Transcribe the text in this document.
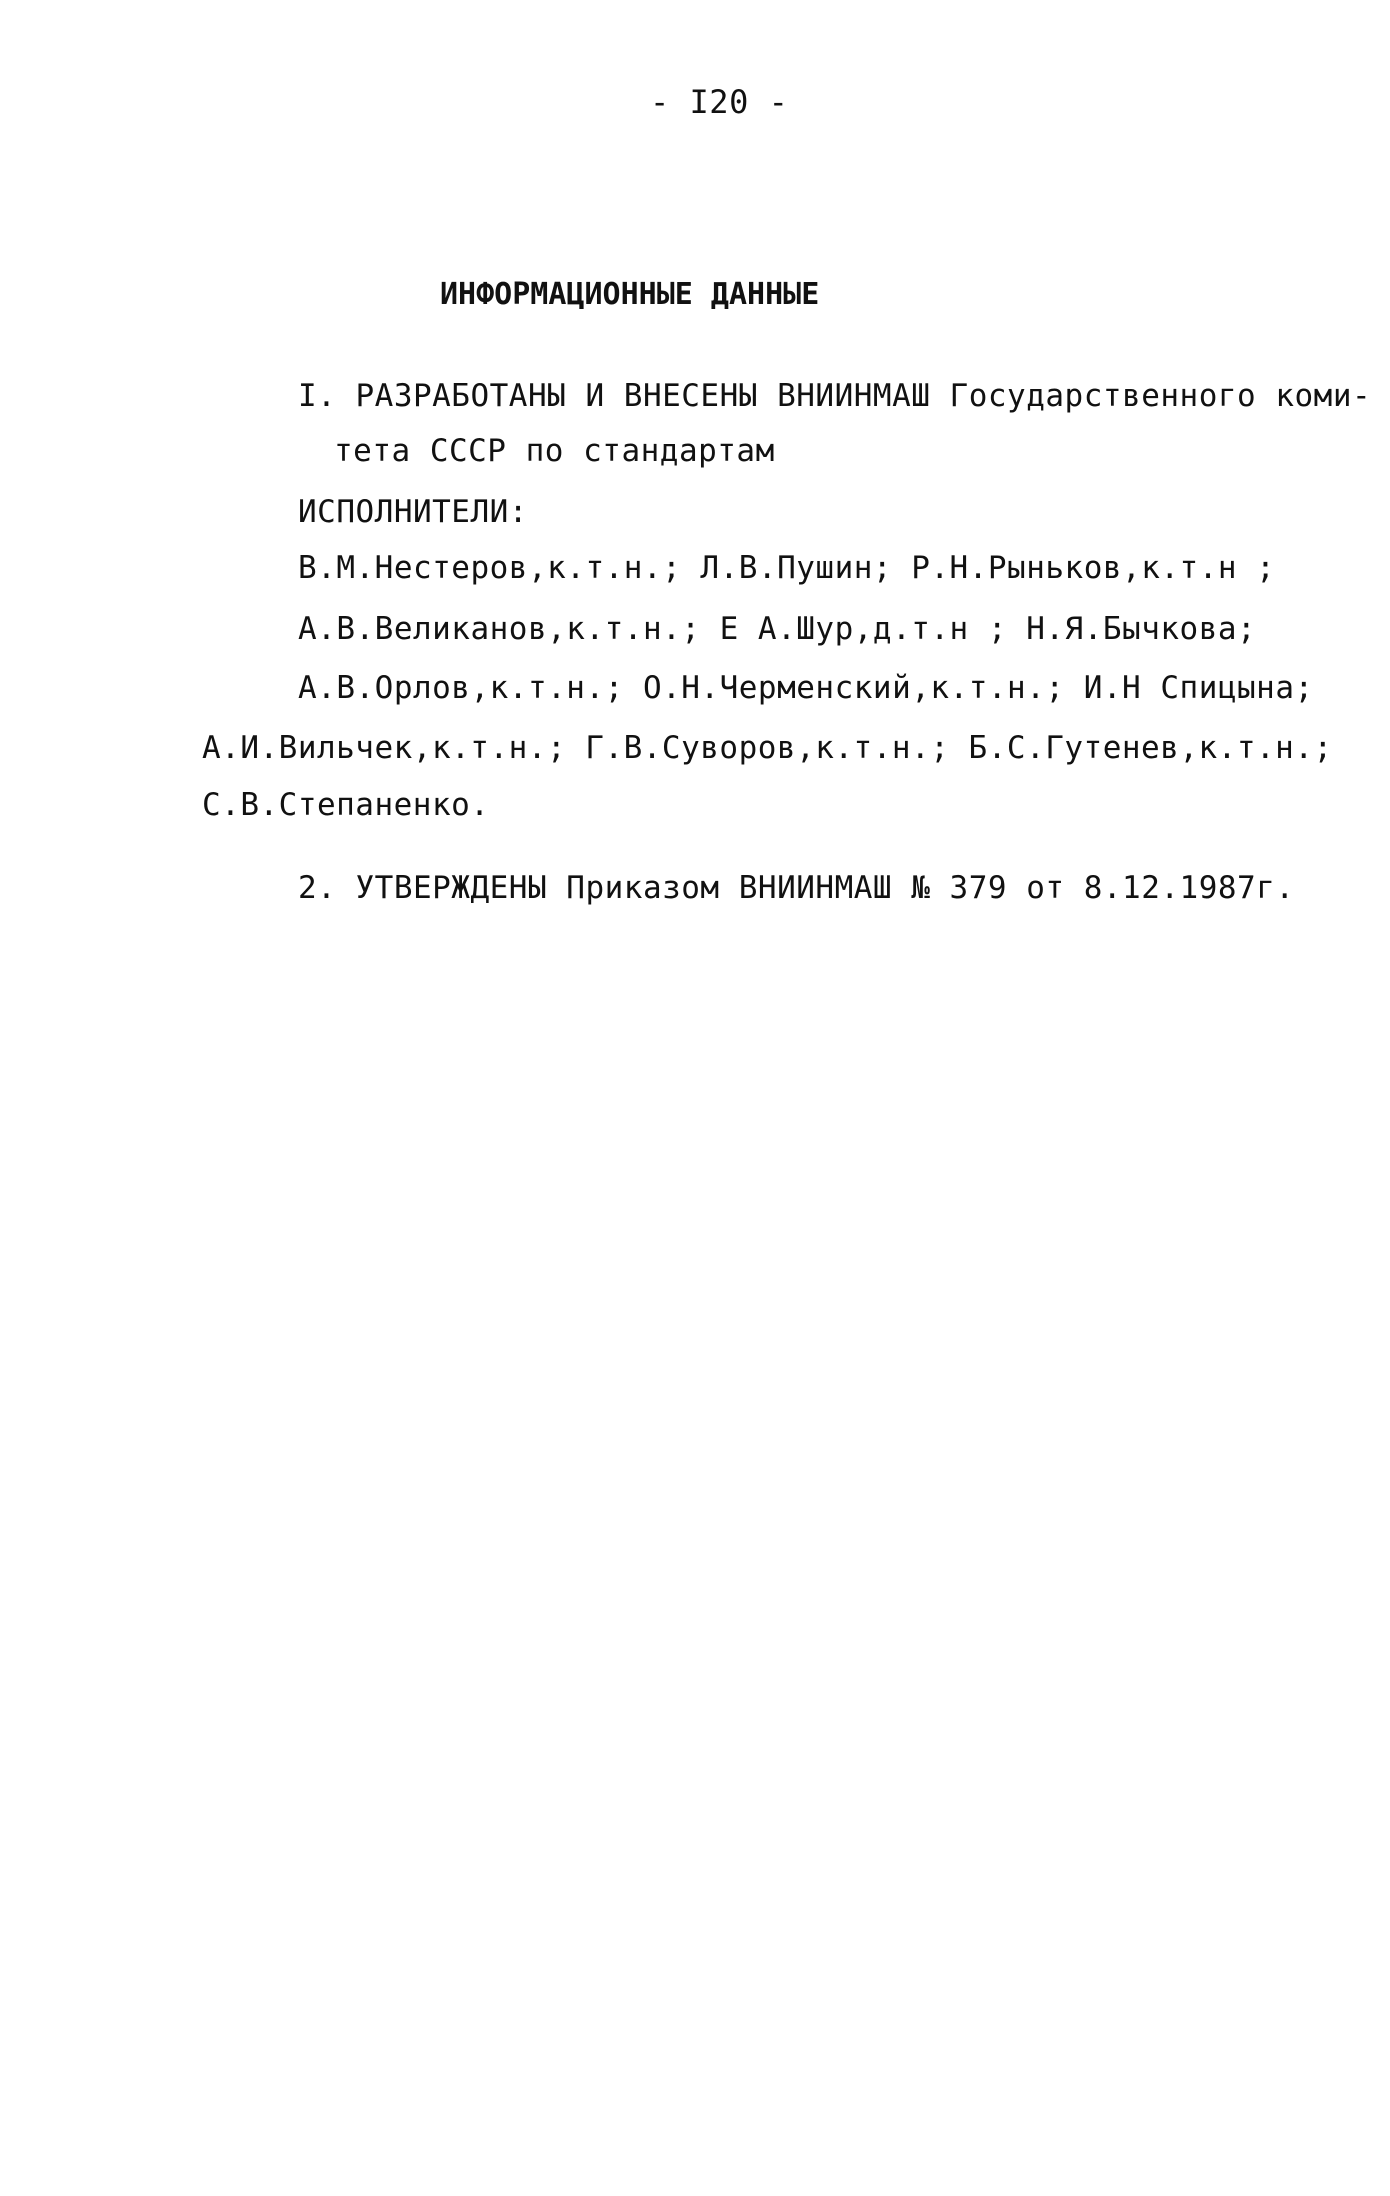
- I20 -
ИНФОРМАЦИОННЫЕ ДАННЫЕ
I. РАЗРАБОТАНЫ И ВНЕСЕНЫ ВНИИНМАШ Государственного коми-
тета СССР по стандартам
ИСПОЛНИТЕЛИ:
В.М.Нестеров,к.т.н.; Л.В.Пушин; Р.Н.Рыньков,к.т.н ;
А.В.Великанов,к.т.н.; Е А.Шур,д.т.н ; Н.Я.Бычкова;
А.В.Орлов,к.т.н.; О.Н.Черменский,к.т.н.; И.Н Спицына;
А.И.Вильчек,к.т.н.; Г.В.Суворов,к.т.н.; Б.С.Гутенев,к.т.н.;
С.В.Степаненко.
2. УТВЕРЖДЕНЫ Приказом ВНИИНМАШ № 379 от 8.12.1987г.
